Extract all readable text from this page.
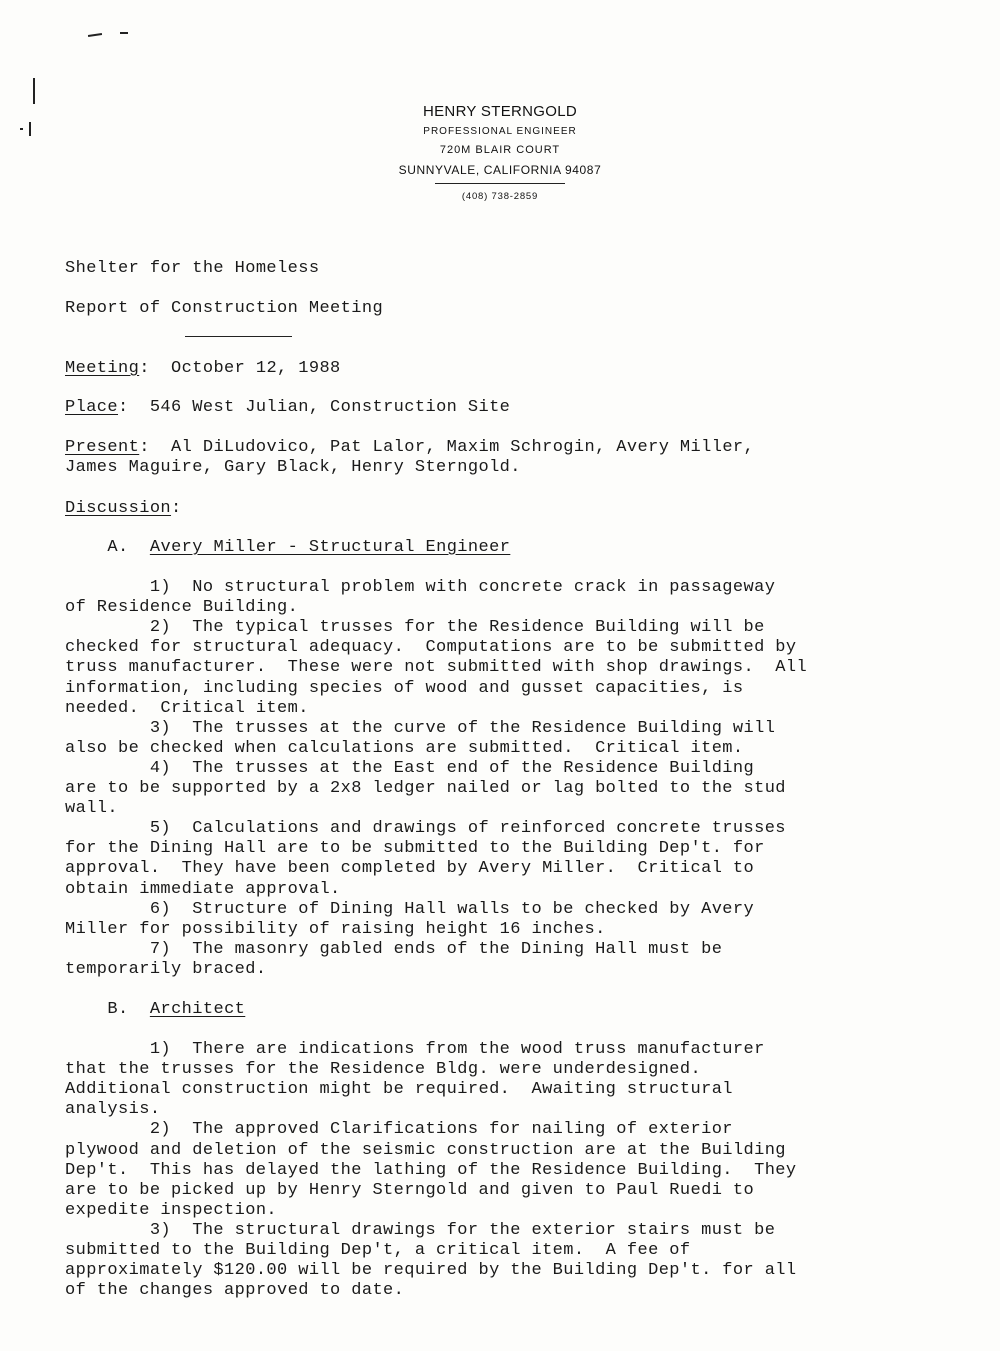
HENRY STERNGOLD
PROFESSIONAL ENGINEER
720M BLAIR COURT
SUNNYVALE, CALIFORNIA 94087
(408) 738-2859
Shelter for the Homeless
Report of Construction Meeting
Meeting:  October 12, 1988
Place:  546 West Julian, Construction Site
Present:  Al DiLudovico, Pat Lalor, Maxim Schrogin, Avery Miller,
James Maguire, Gary Black, Henry Sterngold.
Discussion:
A. Avery Miller - Structural Engineer
1)  No structural problem with concrete crack in passageway
of Residence Building.
2)  The typical trusses for the Residence Building will be
checked for structural adequacy.  Computations are to be submitted by
truss manufacturer.  These were not submitted with shop drawings.  All
information, including species of wood and gusset capacities, is
needed.  Critical item.
3)  The trusses at the curve of the Residence Building will
also be checked when calculations are submitted.  Critical item.
4)  The trusses at the East end of the Residence Building
are to be supported by a 2x8 ledger nailed or lag bolted to the stud
wall.
5)  Calculations and drawings of reinforced concrete trusses
for the Dining Hall are to be submitted to the Building Dep't. for
approval.  They have been completed by Avery Miller.  Critical to
obtain immediate approval.
6)  Structure of Dining Hall walls to be checked by Avery
Miller for possibility of raising height 16 inches.
7)  The masonry gabled ends of the Dining Hall must be
temporarily braced.
B. Architect
1)  There are indications from the wood truss manufacturer
that the trusses for the Residence Bldg. were underdesigned.
Additional construction might be required.  Awaiting structural
analysis.
2)  The approved Clarifications for nailing of exterior
plywood and deletion of the seismic construction are at the Building
Dep't.  This has delayed the lathing of the Residence Building.  They
are to be picked up by Henry Sterngold and given to Paul Ruedi to
expedite inspection.
3)  The structural drawings for the exterior stairs must be
submitted to the Building Dep't, a critical item.  A fee of
approximately $120.00 will be required by the Building Dep't. for all
of the changes approved to date.
